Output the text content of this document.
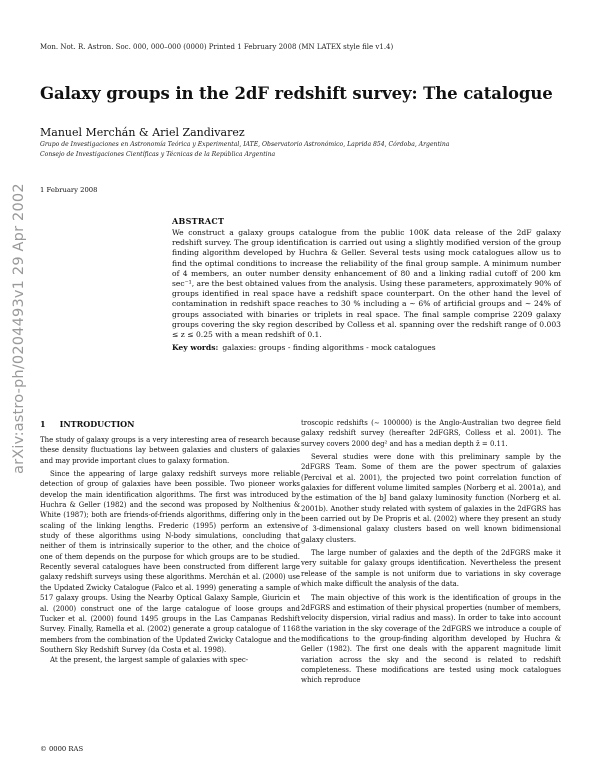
Mon. Not. R. Astron. Soc. 000, 000–000 (0000) Printed 1 February 2008 (MN LATEX style file v1.4)
Galaxy groups in the 2dF redshift survey: The catalogue
Manuel Merchán & Ariel Zandivarez
Grupo de Investigaciones en Astronomía Teórica y Experimental, IATE, Observatorio Astronómico, Laprida 854, Córdoba, Argentina
Consejo de Investigaciones Científicas y Técnicas de la República Argentina
1 February 2008
arXiv:astro-ph/0204493v1 29 Apr 2002	ABSTRACT
We construct a galaxy groups catalogue from the public 100K data release of the 2dF galaxy redshift survey. The group identification is carried out using a slightly modified version of the group finding algorithm developed by Huchra & Geller. Several tests using mock catalogues allow us to find the optimal conditions to increase the reliability of the final group sample. A minimum number of 4 members, an outer number density enhancement of 80 and a linking radial cutoff of 200 km sec⁻¹, are the best obtained values from the analysis. Using these parameters, approximately 90% of groups identified in real space have a redshift space counterpart. On the other hand the level of contamination in redshift space reaches to 30 % including a ∼ 6% of artificial groups and ∼ 24% of groups associated with binaries or triplets in real space. The final sample comprise 2209 galaxy groups covering the sky region described by Colless et al. spanning over the redshift range of 0.003 ≤ z ≤ 0.25 with a mean redshift of 0.1.
Key words: galaxies: groups - finding algorithms - mock catalogues
1 INTRODUCTION

The study of galaxy groups is a very interesting area of research because these density fluctuations lay between galaxies and clusters of galaxies and may provide important clues to galaxy formation.

Since the appearing of large galaxy redshift surveys more reliable detection of group of galaxies have been possible. Two pioneer works develop the main identification algorithms. The first was introduced by Huchra & Geller (1982) and the second was proposed by Nolthenius & White (1987); both are friends-of-friends algorithms, differing only in the scaling of the linking lengths. Frederic (1995) perform an extensive study of these algorithms using N-body simulations, concluding that neither of them is intrinsically superior to the other, and the choice of one of them depends on the purpose for which groups are to be studied. Recently several catalogues have been constructed from different large galaxy redshift surveys using these algorithms. Merchán et al. (2000) use the Updated Zwicky Catalogue (Falco et al. 1999) generating a sample of 517 galaxy groups. Using the Nearby Optical Galaxy Sample, Giuricin et al. (2000) construct one of the large catalogue of loose groups and Tucker et al. (2000) found 1495 groups in the Las Campanas Redshift Survey. Finally, Ramella et al. (2002) generate a group catalogue of 1168 members from the combination of the Updated Zwicky Catalogue and the Southern Sky Redshift Survey (da Costa et al. 1998).

At the present, the largest sample of galaxies with spec-

troscopic redshifts (∼ 100000) is the Anglo-Australian two degree field galaxy redshift survey (hereafter 2dFGRS, Colless et al. 2001). The survey covers 2000 deg² and has a median depth z̄ = 0.11.

Several studies were done with this preliminary sample by the 2dFGRS Team. Some of them are the power spectrum of galaxies (Percival et al. 2001), the projected two point correlation function of galaxies for different volume limited samples (Norberg et al. 2001a), and the estimation of the bJ band galaxy luminosity function (Norberg et al. 2001b). Another study related with system of galaxies in the 2dFGRS has been carried out by De Propris et al. (2002) where they present an study of 3-dimensional galaxy clusters based on well known bidimensional galaxy clusters.

The large number of galaxies and the depth of the 2dFGRS make it very suitable for galaxy groups identification. Nevertheless the present release of the sample is not uniform due to variations in sky coverage which make difficult the analysis of the data.

The main objective of this work is the identification of groups in the 2dFGRS and estimation of their physical properties (number of members, velocity dispersion, virial radius and mass). In order to take into account the variation in the sky coverage of the 2dFGRS we introduce a couple of modifications to the group-finding algorithm developed by Huchra & Geller (1982). The first one deals with the apparent magnitude limit variation across the sky and the second is related to redshift completeness. These modifications are tested using mock catalogues which reproduce

© 0000 RAS
